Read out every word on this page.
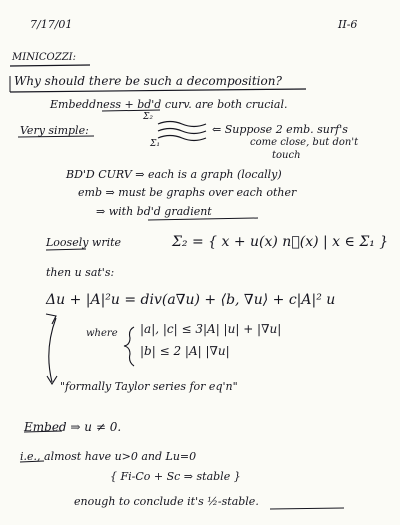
7/17/01	II-6
MINICOZZI:
Why should there be such a decomposition?
Embeddness + bd'd curv. are both crucial.
Very simple:
Σ₂
Σ₁
⇐ Suppose 2 emb. surf's
come close, but don't
touch
BD'D CURV ⇒ each is a graph (locally)
emb ⇒ must be graphs over each other
⇒ with bd'd gradient
Loosely write	Σ₂ = { x + u(x) n⃗(x) | x ∈ Σ₁ }
then u sat's:
Δu + |A|²u = div(a∇u) + ⟨b, ∇u⟩ + c|A|² u
where |a|, |c| ≤ 3|A| |u| + |∇u|
|b| ≤ 2 |A| |∇u|
"formally Taylor series for eq'n"
Embed ⇒ u ≠ 0.
i.e., almost have u>0 and Lu=0
{ Fi-Co + Sc ⇒ stable }
enough to conclude it's ½-stable.
